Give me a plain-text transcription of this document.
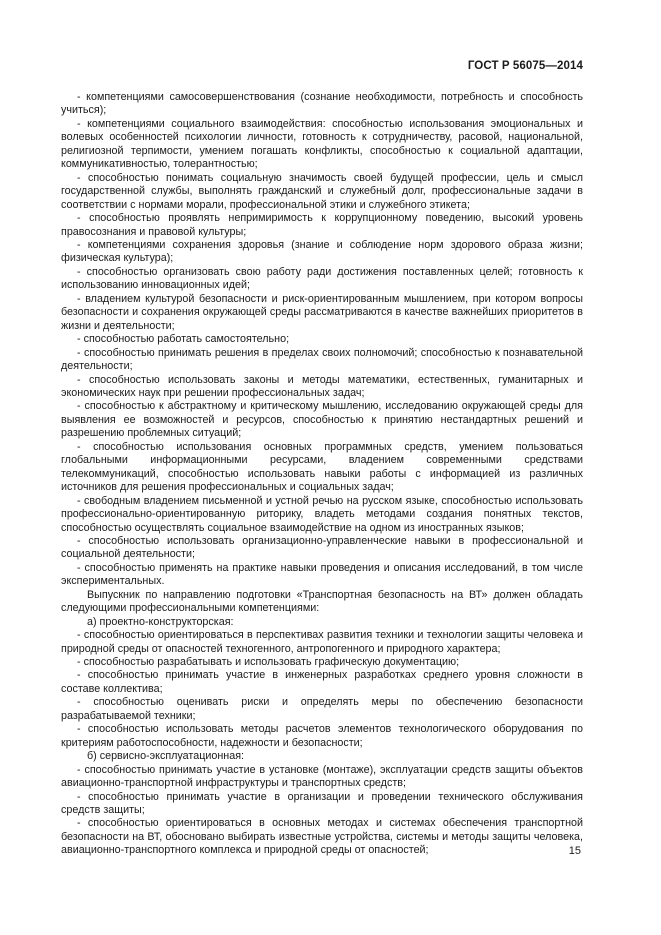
ГОСТ Р 56075—2014

- компетенциями самосовершенствования (сознание необходимости, потребность и способность учиться);

- компетенциями социального взаимодействия: способностью использования эмоциональных и волевых особенностей психологии личности, готовность к сотрудничеству, расовой, национальной, религиозной терпимости, умением погашать конфликты, способностью к социальной адаптации, коммуникативностью, толерантностью;

- способностью понимать социальную значимость своей будущей профессии, цель и смысл государственной службы, выполнять гражданский и служебный долг, профессиональные задачи в соответствии с нормами морали, профессиональной этики и служебного этикета;

- способностью проявлять непримиримость к коррупционному поведению, высокий уровень правосознания и правовой культуры;

- компетенциями сохранения здоровья (знание и соблюдение норм здорового образа жизни; физическая культура);

- способностью организовать свою работу ради достижения поставленных целей; готовность к использованию инновационных идей;

- владением культурой безопасности и риск-ориентированным мышлением, при котором вопросы безопасности и сохранения окружающей среды рассматриваются в качестве важнейших приоритетов в жизни и деятельности;

- способностью работать самостоятельно;

- способностью принимать решения в пределах своих полномочий; способностью к познавательной деятельности;

- способностью использовать законы и методы математики, естественных, гуманитарных и экономических наук при решении профессиональных задач;

- способностью к абстрактному и критическому мышлению, исследованию окружающей среды для выявления ее возможностей и ресурсов, способностью к принятию нестандартных решений и разрешению проблемных ситуаций;

- способностью использования основных программных средств, умением пользоваться глобальными информационными ресурсами, владением современными средствами телекоммуникаций, способностью использовать навыки работы с информацией из различных источников для решения профессиональных и социальных задач;

- свободным владением письменной и устной речью на русском языке, способностью использовать профессионально-ориентированную риторику, владеть методами создания понятных текстов, способностью осуществлять социальное взаимодействие на одном из иностранных языков;

- способностью использовать организационно-управленческие навыки в профессиональной и социальной деятельности;

- способностью применять на практике навыки проведения и описания исследований, в том числе экспериментальных.

Выпускник по направлению подготовки «Транспортная безопасность на ВТ» должен обладать следующими профессиональными компетенциями:

а) проектно-конструкторская:

- способностью ориентироваться в перспективах развития техники и технологии защиты человека и природной среды от опасностей техногенного, антропогенного и природного характера;

- способностью разрабатывать и использовать графическую документацию;

- способностью принимать участие в инженерных разработках среднего уровня сложности в составе коллектива;

- способностью оценивать риски и определять меры по обеспечению безопасности разрабатываемой техники;

- способностью использовать методы расчетов элементов технологического оборудования по критериям работоспособности, надежности и безопасности;

б) сервисно-эксплуатационная:

- способностью принимать участие в установке (монтаже), эксплуатации средств защиты объектов авиационно-транспортной инфраструктуры и транспортных средств;

- способностью принимать участие в организации и проведении технического обслуживания средств защиты;

- способностью ориентироваться в основных методах и системах обеспечения транспортной безопасности на ВТ, обосновано выбирать известные устройства, системы и методы защиты человека, авиационно-транспортного комплекса и природной среды от опасностей;	15
